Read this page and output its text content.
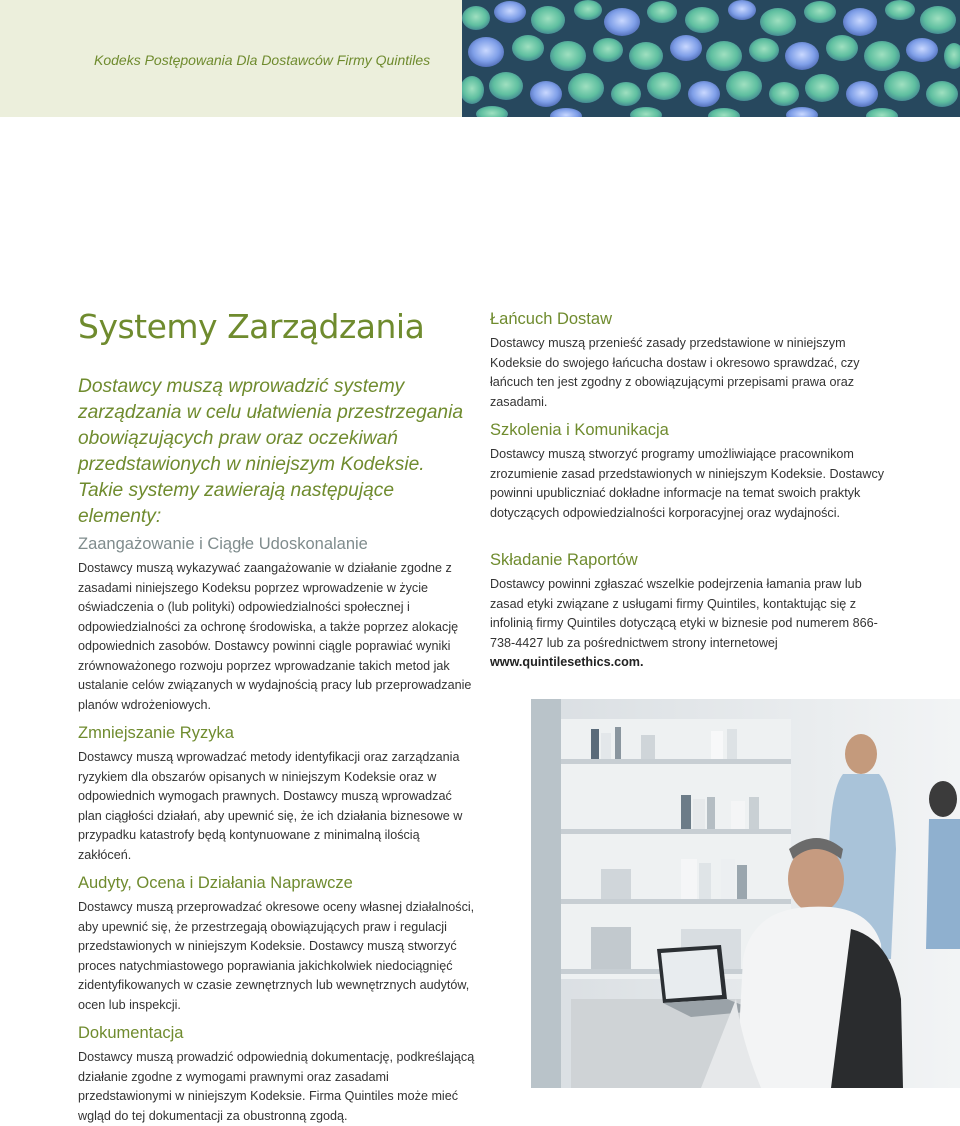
Kodeks Postępowania Dla Dostawców Firmy Quintiles
Systemy Zarządzania

Dostawcy muszą wprowadzić systemy zarządzania w celu ułatwienia przestrzegania obowiązujących praw oraz oczekiwań przedstawionych w niniejszym Kodeksie. Takie systemy zawierają następujące elementy:

Zaangażowanie i Ciągłe Udoskonalanie

Dostawcy muszą wykazywać zaangażowanie w działanie zgodne z zasadami niniejszego Kodeksu poprzez wprowadzenie w życie oświadczenia o (lub polityki) odpowiedzialności społecznej i odpowiedzialności za ochronę środowiska, a także poprzez alokację odpowiednich zasobów. Dostawcy powinni ciągle poprawiać wyniki zrównoważonego rozwoju poprzez wprowadzanie takich metod jak ustalanie celów związanych w wydajnością pracy lub przeprowadzanie planów wdrożeniowych.

Zmniejszanie Ryzyka

Dostawcy muszą wprowadzać metody identyfikacji oraz zarządzania ryzykiem dla obszarów opisanych w niniejszym Kodeksie oraz w odpowiednich wymogach prawnych. Dostawcy muszą wprowadzać plan ciągłości działań, aby upewnić się, że ich działania biznesowe w przypadku katastrofy będą kontynuowane z minimalną ilością zakłóceń.

Audyty, Ocena i Działania Naprawcze

Dostawcy muszą przeprowadzać okresowe oceny własnej działalności, aby upewnić się, że przestrzegają obowiązujących praw i regulacji przedstawionych w niniejszym Kodeksie. Dostawcy muszą stworzyć proces natychmiastowego poprawiania jakichkolwiek niedociągnięć zidentyfikowanych w czasie zewnętrznych lub wewnętrznych audytów, ocen lub inspekcji.

Dokumentacja

Dostawcy muszą prowadzić odpowiednią dokumentację, podkreślającą działanie zgodne z wymogami prawnymi oraz zasadami przedstawionymi w niniejszym Kodeksie. Firma Quintiles może mieć wgląd do tej dokumentacji za obustronną zgodą.

Łańcuch Dostaw

Dostawcy muszą przenieść zasady przedstawione w niniejszym Kodeksie do swojego łańcucha dostaw i okresowo sprawdzać, czy łańcuch ten jest zgodny z obowiązującymi przepisami prawa oraz zasadami.

Szkolenia i Komunikacja

Dostawcy muszą stworzyć programy umożliwiające pracownikom zrozumienie zasad przedstawionych w niniejszym Kodeksie. Dostawcy powinni upubliczniać dokładne informacje na temat swoich praktyk dotyczących odpowiedzialności korporacyjnej oraz wydajności.

Składanie Raportów

Dostawcy powinni zgłaszać wszelkie podejrzenia łamania praw lub zasad etyki związane z usługami firmy Quintiles, kontaktując się z infolinią firmy Quintiles dotyczącą etyki w biznesie pod numerem 866-738-4427 lub za pośrednictwem strony internetowej www.quintilesethics.com.
